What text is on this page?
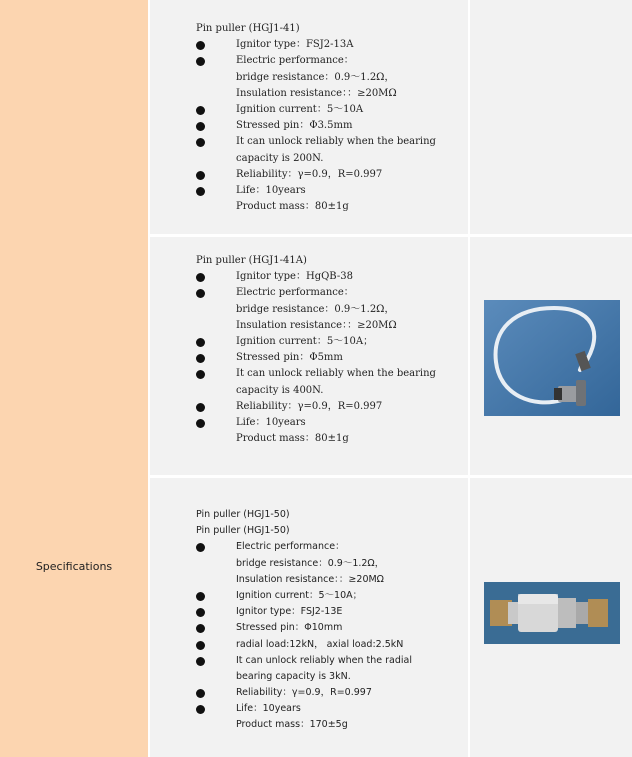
Specifications
Pin puller (HGJ1-41)
Ignitor type：FSJ2-13A
Electric performance：
bridge resistance：0.9～1.2Ω，
Insulation resistance：：≥20MΩ
Ignition current：5～10A
Stressed pin：Φ3.5mm
It can unlock reliably when the bearing
capacity is 200N.
Reliability：γ=0.9，R=0.997
Life：10years
Product mass：80±1g
Pin puller (HGJ1-41A)
Ignitor type：HgQB-38
Electric performance：
bridge resistance：0.9～1.2Ω，
Insulation resistance：：≥20MΩ
Ignition current：5～10A；
Stressed pin：Φ5mm
It can unlock reliably when the bearing
capacity is 400N.
Reliability：γ=0.9，R=0.997
Life：10years
Product mass：80±1g
Pin puller (HGJ1-50)
Pin puller (HGJ1-50)
Electric performance：
bridge resistance：0.9～1.2Ω，
Insulation resistance：：≥20MΩ
Ignition current：5～10A；
Ignitor type：FSJ2-13E
Stressed pin：Φ10mm
radial load:12kN， axial load:2.5kN
It can unlock reliably when the radial
bearing capacity is 3kN.
Reliability：γ=0.9，R=0.997
Life：10years
Product mass：170±5g
